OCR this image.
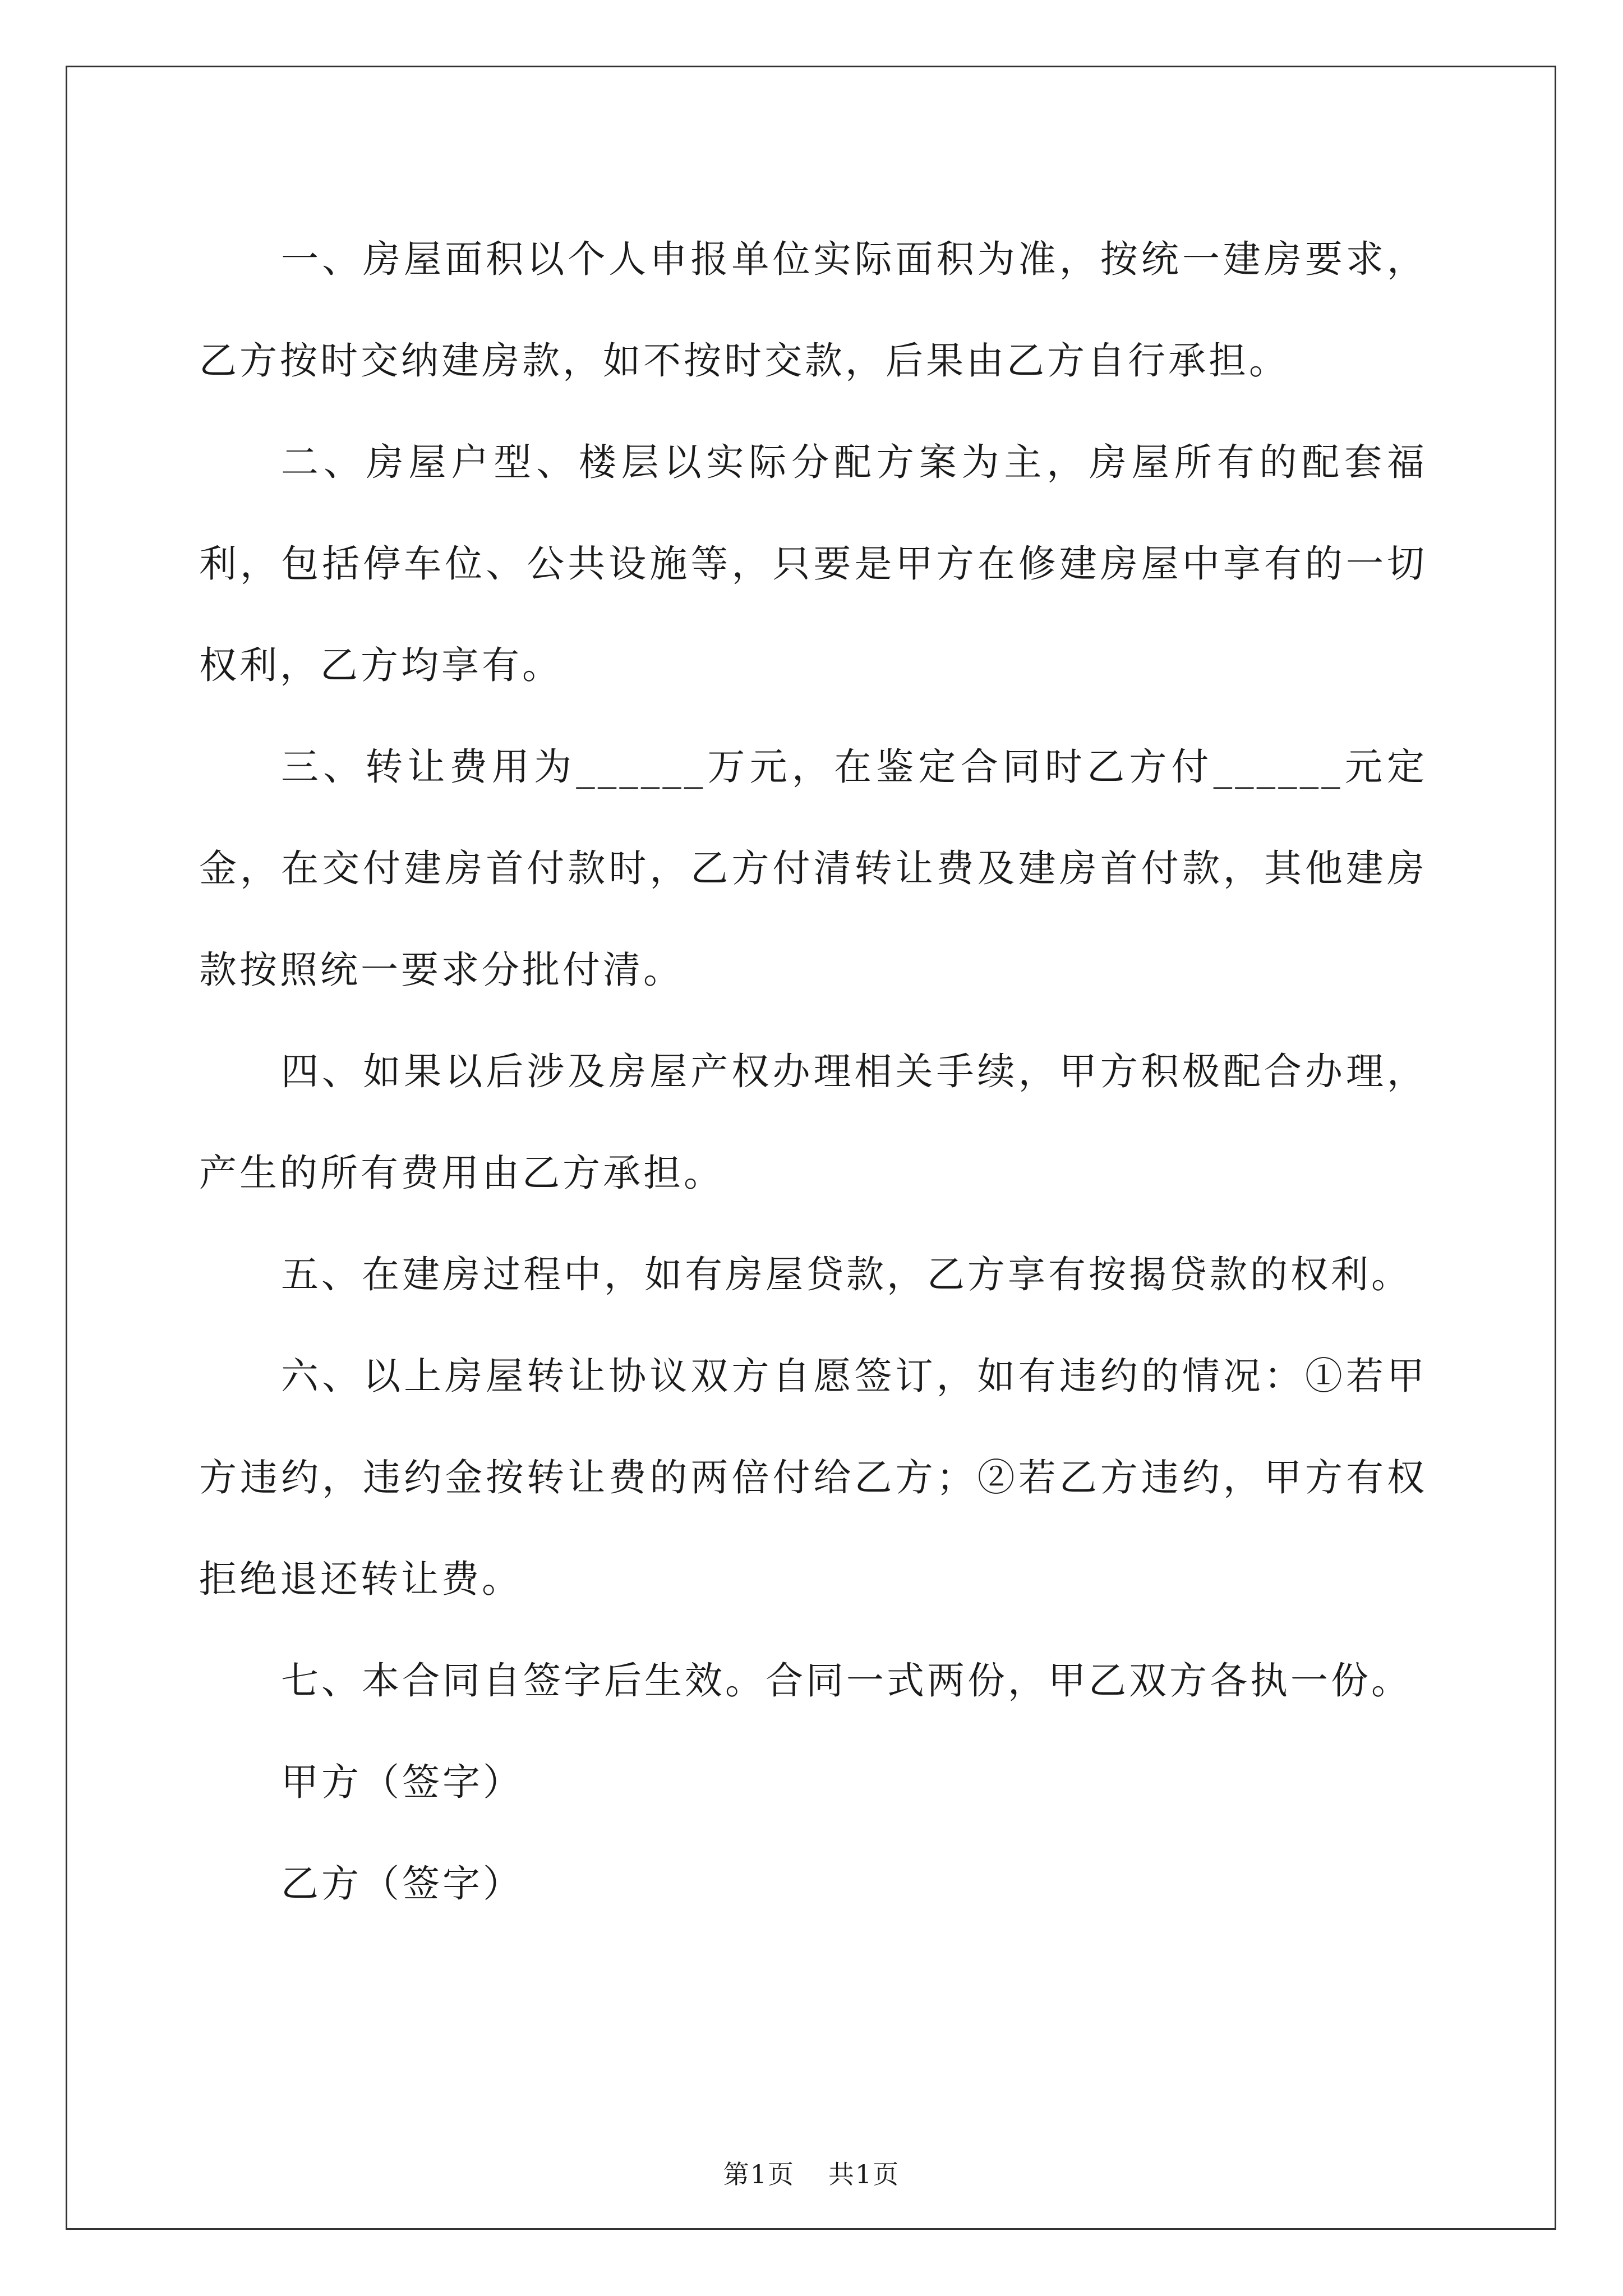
一、房屋面积以个人申报单位实际面积为准，按统一建房要求，乙方按时交纳建房款，如不按时交款，后果由乙方自行承担。

二、房屋户型、楼层以实际分配方案为主，房屋所有的配套福利，包括停车位、公共设施等，只要是甲方在修建房屋中享有的一切权利，乙方均享有。

三、转让费用为______万元，在鉴定合同时乙方付______元定金，在交付建房首付款时，乙方付清转让费及建房首付款，其他建房款按照统一要求分批付清。

四、如果以后涉及房屋产权办理相关手续，甲方积极配合办理，产生的所有费用由乙方承担。

五、在建房过程中，如有房屋贷款，乙方享有按揭贷款的权利。

六、以上房屋转让协议双方自愿签订，如有违约的情况：①若甲方违约，违约金按转让费的两倍付给乙方；②若乙方违约，甲方有权拒绝退还转让费。

七、本合同自签字后生效。合同一式两份，甲乙双方各执一份。

甲方（签字）

乙方（签字）

第1页 共1页
